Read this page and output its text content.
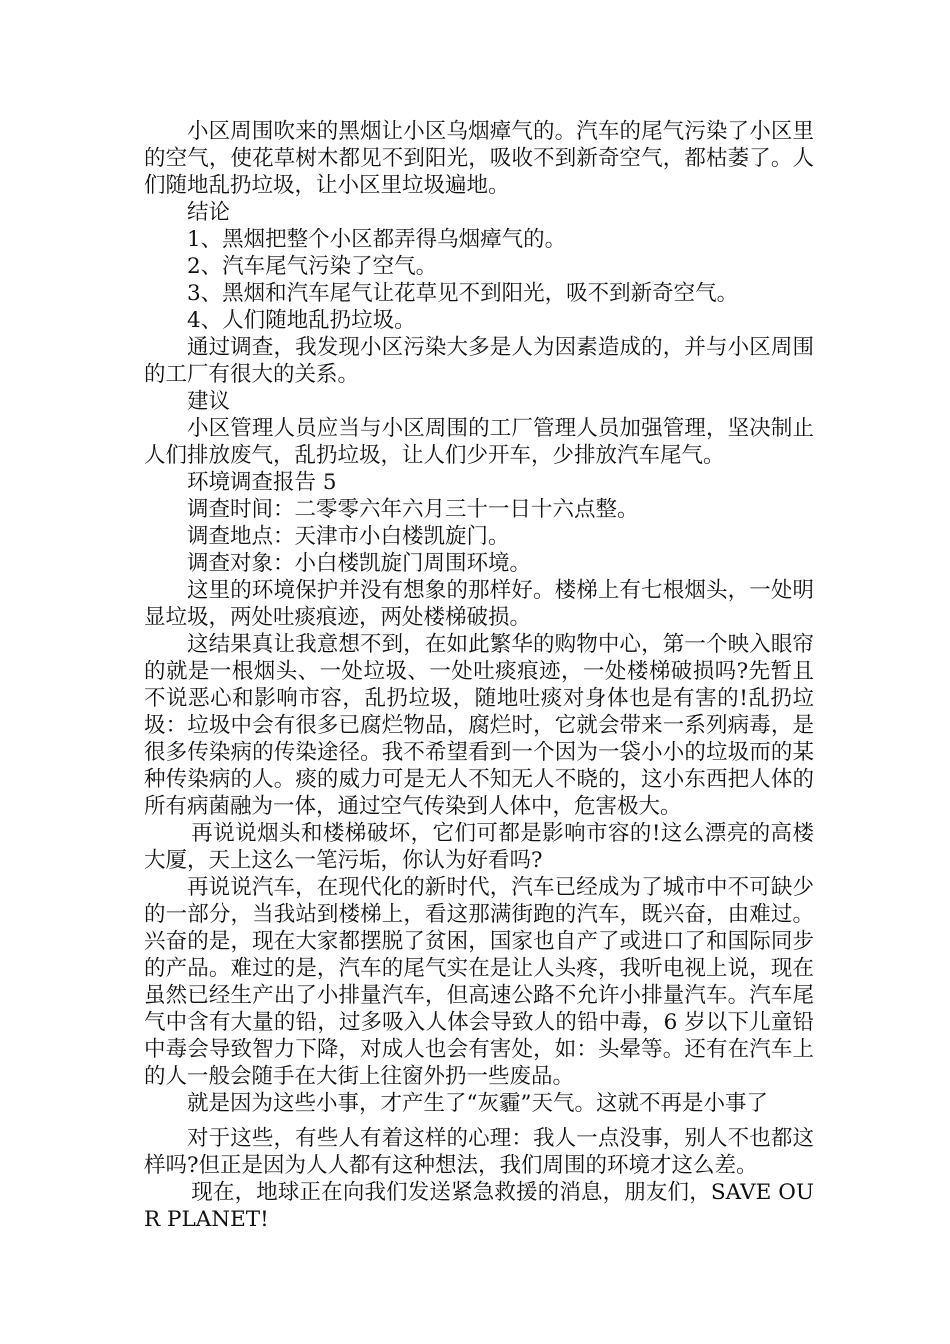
小区周围吹来的黑烟让小区乌烟瘴气的。汽车的尾气污染了小区里的空气，使花草树木都见不到阳光，吸收不到新奇空气，都枯萎了。人们随地乱扔垃圾，让小区里垃圾遍地。

结论

1、黑烟把整个小区都弄得乌烟瘴气的。

2、汽车尾气污染了空气。

3、黑烟和汽车尾气让花草见不到阳光，吸不到新奇空气。

4、人们随地乱扔垃圾。

通过调查，我发现小区污染大多是人为因素造成的，并与小区周围的工厂有很大的关系。

建议

小区管理人员应当与小区周围的工厂管理人员加强管理，坚决制止人们排放废气，乱扔垃圾，让人们少开车，少排放汽车尾气。

环境调查报告 5

调查时间：二零零六年六月三十一日十六点整。

调查地点：天津市小白楼凯旋门。

调查对象：小白楼凯旋门周围环境。

这里的环境保护并没有想象的那样好。楼梯上有七根烟头，一处明显垃圾，两处吐痰痕迹，两处楼梯破损。

这结果真让我意想不到，在如此繁华的购物中心，第一个映入眼帘的就是一根烟头、一处垃圾、一处吐痰痕迹，一处楼梯破损吗?先暂且不说恶心和影响市容，乱扔垃圾，随地吐痰对身体也是有害的!乱扔垃圾：垃圾中会有很多已腐烂物品，腐烂时，它就会带来一系列病毒，是很多传染病的传染途径。我不希望看到一个因为一袋小小的垃圾而的某种传染病的人。痰的威力可是无人不知无人不晓的，这小东西把人体的所有病菌融为一体，通过空气传染到人体中，危害极大。

再说说烟头和楼梯破坏，它们可都是影响市容的!这么漂亮的高楼大厦，天上这么一笔污垢，你认为好看吗?

再说说汽车，在现代化的新时代，汽车已经成为了城市中不可缺少的一部分，当我站到楼梯上，看这那满街跑的汽车，既兴奋，由难过。兴奋的是，现在大家都摆脱了贫困，国家也自产了或进口了和国际同步的产品。难过的是，汽车的尾气实在是让人头疼，我听电视上说，现在虽然已经生产出了小排量汽车，但高速公路不允许小排量汽车。汽车尾气中含有大量的铅，过多吸入人体会导致人的铅中毒，6 岁以下儿童铅中毒会导致智力下降，对成人也会有害处，如：头晕等。还有在汽车上的人一般会随手在大街上往窗外扔一些废品。

就是因为这些小事，才产生了“灰霾”天气。这就不再是小事了

对于这些，有些人有着这样的心理：我人一点没事，别人不也都这样吗?但正是因为人人都有这种想法，我们周围的环境才这么差。

现在，地球正在向我们发送紧急救援的消息，朋友们，SAVE OUR PLANET!
